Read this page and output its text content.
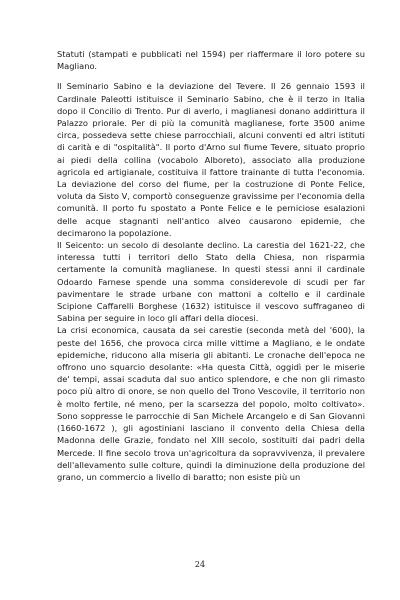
Statuti (stampati e pubblicati nel 1594) per riaffermare il loro potere su Magliano.

Il Seminario Sabino e la deviazione del Tevere. Il 26 gennaio 1593 il Cardinale Paleotti istituisce il Seminario Sabino, che è il terzo in Italia dopo il Concilio di Trento. Pur di averlo, i maglianesi donano addirittura il Palazzo priorale. Per di più la comunità maglianese, forte 3500 anime circa, possedeva sette chiese parrocchiali, alcuni conventi ed altri istituti di carità e di "ospitalità". Il porto d'Arno sul fiume Tevere, situato proprio ai piedi della collina (vocabolo Alboreto), associato alla produzione agricola ed artigianale, costituiva il fattore trainante di tutta l'economia. La deviazione del corso del fiume, per la costruzione di Ponte Felice, voluta da Sisto V, comportò conseguenze gravissime per l'economia della comunità. Il porto fu spostato a Ponte Felice e le perniciose esalazioni delle acque stagnanti nell'antico alveo causarono epidemie, che decimarono la popolazione.

Il Seicento: un secolo di desolante declino. La carestia del 1621-22, che interessa tutti i territori dello Stato della Chiesa, non risparmia certamente la comunità maglianese. In questi stessi anni il cardinale Odoardo Farnese spende una somma considerevole di scudi per far pavimentare le strade urbane con mattoni a coltello e il cardinale Scipione Caffarelli Borghese (1632) istituisce il vescovo suffraganeo di Sabina per seguire in loco gli affari della diocesi.

La crisi economica, causata da sei carestie (seconda metà del '600), la peste del 1656, che provoca circa mille vittime a Magliano, e le ondate epidemiche, riducono alla miseria gli abitanti. Le cronache dell'epoca ne offrono uno squarcio desolante: «Ha questa Città, oggidì per le miserie de' tempi, assai scaduta dal suo antico splendore, e che non gli rimasto poco più altro di onore, se non quello del Trono Vescovile, il territorio non è molto fertile, né meno, per la scarsezza del popolo, molto coltivato». Sono soppresse le parrocchie di San Michele Arcangelo e di San Giovanni (1660-1672 ), gli agostiniani lasciano il convento della Chiesa della Madonna delle Grazie, fondato nel XIII secolo, sostituiti dai padri della Mercede. Il fine secolo trova un'agricoltura da sopravvivenza, il prevalere dell'allevamento sulle colture, quindi la diminuzione della produzione del grano, un commercio a livello di baratto; non esiste più un

24
